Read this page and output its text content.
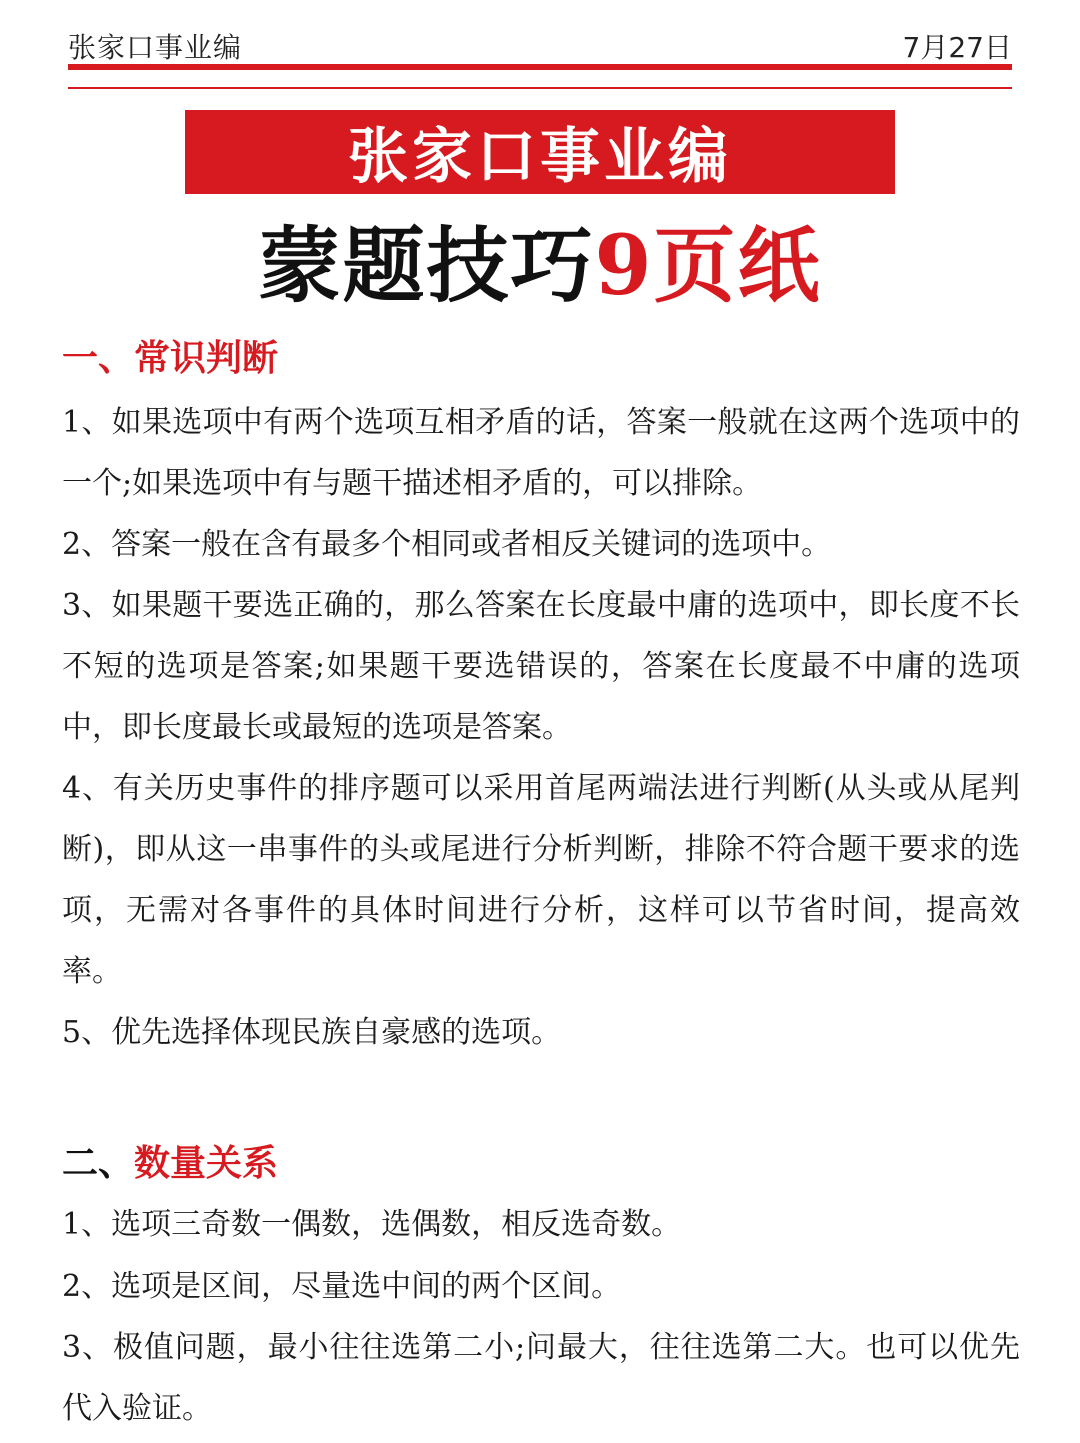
张家口事业编	7月27日
张家口事业编
蒙题技巧9页纸
一、常识判断

1、如果选项中有两个选项互相矛盾的话，答案一般就在这两个选项中的一个;如果选项中有与题干描述相矛盾的，可以排除。

2、答案一般在含有最多个相同或者相反关键词的选项中。

3、如果题干要选正确的，那么答案在长度最中庸的选项中，即长度不长不短的选项是答案;如果题干要选错误的，答案在长度最不中庸的选项中，即长度最长或最短的选项是答案。

4、有关历史事件的排序题可以采用首尾两端法进行判断(从头或从尾判断)，即从这一串事件的头或尾进行分析判断，排除不符合题干要求的选项，无需对各事件的具体时间进行分析，这样可以节省时间，提高效率。

5、优先选择体现民族自豪感的选项。

二、数量关系

1、选项三奇数一偶数，选偶数，相反选奇数。

2、选项是区间，尽量选中间的两个区间。

3、极值问题，最小往往选第二小;问最大，往往选第二大。也可以优先代入验证。
